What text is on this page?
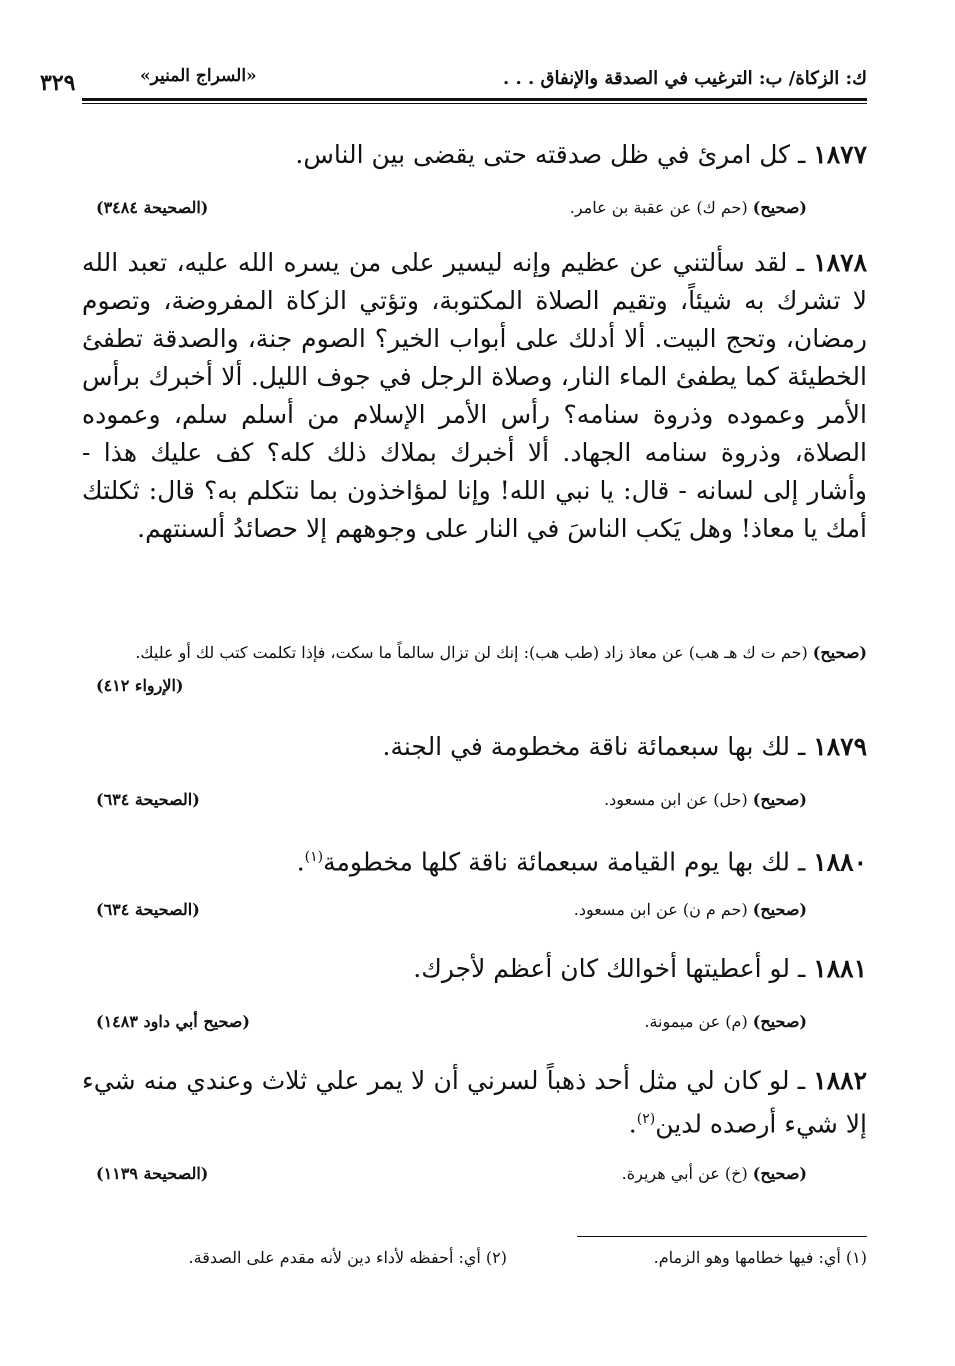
ك: الزكاة/ ب: الترغيب في الصدقة والإنفاق . . .
«السراج المنير»
٣٢٩
١٨٧٧ ـ كل امرئ في ظل صدقته حتى يقضى بين الناس.
(صحيح) (حم ك) عن عقبة بن عامر.
(الصحيحة ٣٤٨٤)
١٨٧٨ ـ لقد سألتني عن عظيم وإنه ليسير على من يسره الله عليه، تعبد الله لا تشرك به شيئاً، وتقيم الصلاة المكتوبة، وتؤتي الزكاة المفروضة، وتصوم رمضان، وتحج البيت. ألا أدلك على أبواب الخير؟ الصوم جنة، والصدقة تطفئ الخطيئة كما يطفئ الماء النار، وصلاة الرجل في جوف الليل. ألا أخبرك برأس الأمر وعموده وذروة سنامه؟ رأس الأمر الإسلام من أسلم سلم، وعموده الصلاة، وذروة سنامه الجهاد. ألا أخبرك بملاك ذلك كله؟ كف عليك هذا - وأشار إلى لسانه - قال: يا نبي الله! وإنا لمؤاخذون بما نتكلم به؟ قال: ثكلتك أمك يا معاذ! وهل يَكب الناسَ في النار على وجوههم إلا حصائدُ ألسنتهم.
(صحيح) (حم ت ك هـ هب) عن معاذ زاد (طب هب): إنك لن تزال سالماً ما سكت، فإذا تكلمت كتب لك أو عليك.
(الإرواء ٤١٢)
١٨٧٩ ـ لك بها سبعمائة ناقة مخطومة في الجنة.
(صحيح) (حل) عن ابن مسعود.
(الصحيحة ٦٣٤)
١٨٨٠ ـ لك بها يوم القيامة سبعمائة ناقة كلها مخطومة$^{(١)}$.
(صحيح) (حم م ن) عن ابن مسعود.
(الصحيحة ٦٣٤)
١٨٨١ ـ لو أعطيتها أخوالك كان أعظم لأجرك.
(صحيح) (م) عن ميمونة.
(صحيح أبي داود ١٤٨٣)
١٨٨٢ ـ لو كان لي مثل أحد ذهباً لسرني أن لا يمر علي ثلاث وعندي منه شيء إلا شيء أرصده لدين$^{(٢)}$.
(صحيح) (خ) عن أبي هريرة.
(الصحيحة ١١٣٩)
(١) أي: فيها خطامها وهو الزمام.
(٢) أي: أحفظه لأداء دين لأنه مقدم على الصدقة.
